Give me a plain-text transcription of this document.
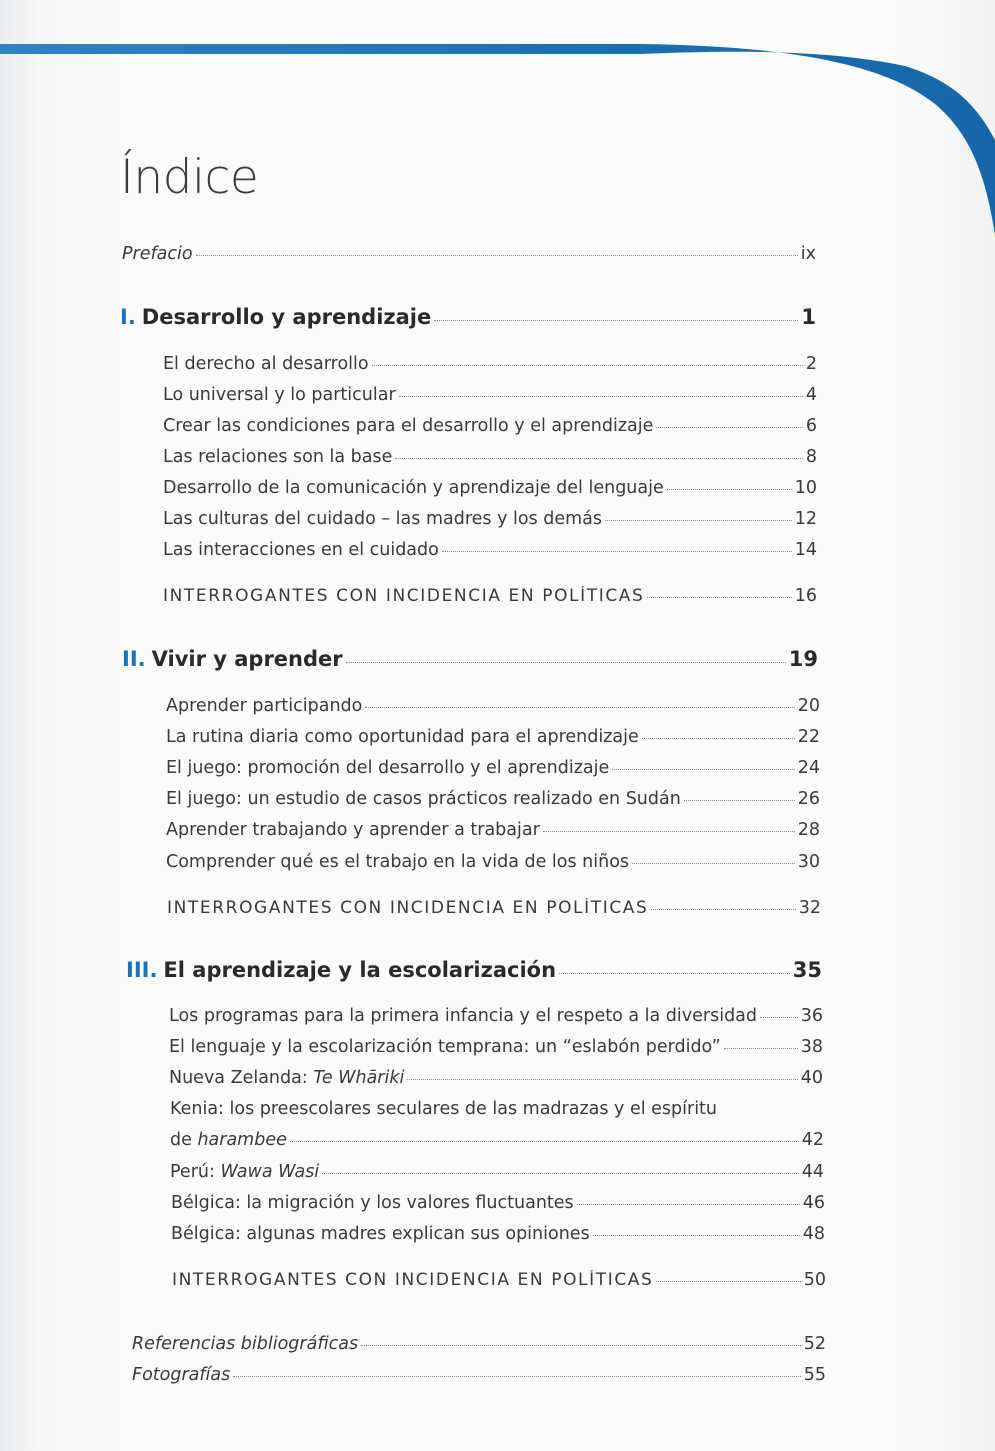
Índice
Prefacio	ix
I. Desarrollo y aprendizaje	1
El derecho al desarrollo	2
Lo universal y lo particular	4
Crear las condiciones para el desarrollo y el aprendizaje	6
Las relaciones son la base	8
Desarrollo de la comunicación y aprendizaje del lenguaje	10
Las culturas del cuidado – las madres y los demás	12
Las interacciones en el cuidado	14
INTERROGANTES CON INCIDENCIA EN POLÍTICAS	16
II. Vivir y aprender	19
Aprender participando	20
La rutina diaria como oportunidad para el aprendizaje	22
El juego: promoción del desarrollo y el aprendizaje	24
El juego: un estudio de casos prácticos realizado en Sudán	26
Aprender trabajando y aprender a trabajar	28
Comprender qué es el trabajo en la vida de los niños	30
INTERROGANTES CON INCIDENCIA EN POLÍTICAS	32
III. El aprendizaje y la escolarización	35
Los programas para la primera infancia y el respeto a la diversidad 36
El lenguaje y la escolarización temprana: un “eslabón perdido”	38
Nueva Zelanda: Te Whāriki	40
Kenia: los preescolares seculares de las madrazas y el espíritu
de harambee	42
Perú: Wawa Wasi	44
Bélgica: la migración y los valores fluctuantes	46
Bélgica: algunas madres explican sus opiniones	48
INTERROGANTES CON INCIDENCIA EN POLÍTICAS	50
Referencias bibliográficas	52
Fotografías	55
